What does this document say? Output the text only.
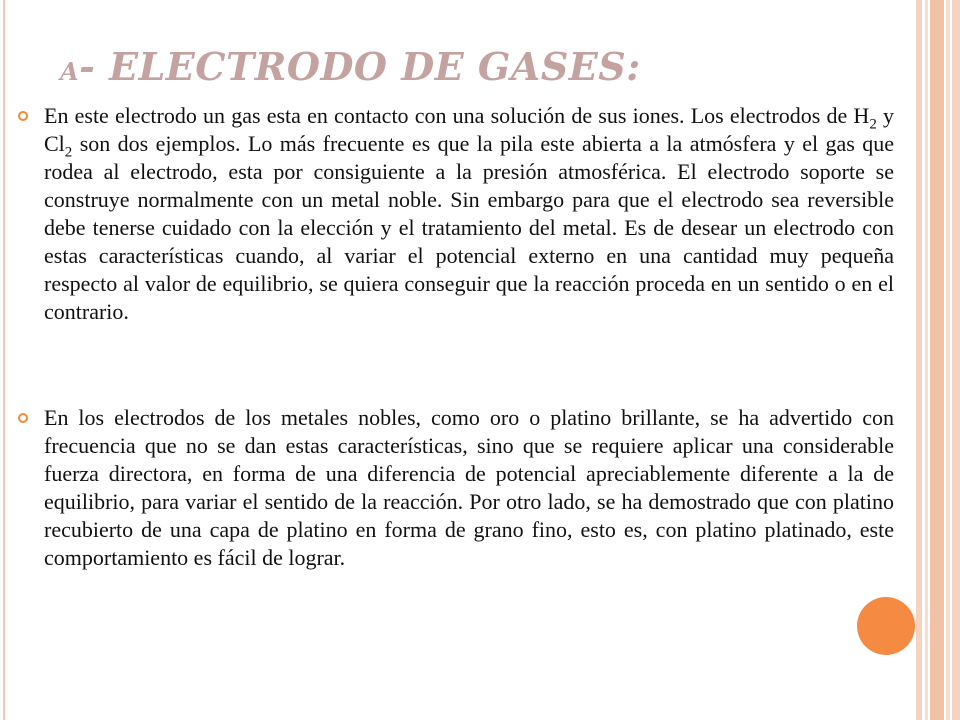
A- ELECTRODO DE GASES:
En este electrodo un gas esta en contacto con una solución de sus iones. Los electrodos de $H_2$ y $Cl_2$ son dos ejemplos. Lo más frecuente es que la pila este abierta a la atmósfera y el gas que rodea al electrodo, esta por consiguiente a la presión atmosférica. El electrodo soporte se construye normalmente con un metal noble. Sin embargo para que el electrodo sea reversible debe tenerse cuidado con la elección y el tratamiento del metal. Es de desear un electrodo con estas características cuando, al variar el potencial externo en una cantidad muy pequeña respecto al valor de equilibrio, se quiera conseguir que la reacción proceda en un sentido o en el contrario.
En los electrodos de los metales nobles, como oro o platino brillante, se ha advertido con frecuencia que no se dan estas características, sino que se requiere aplicar una considerable fuerza directora, en forma de una diferencia de potencial apreciablemente diferente a la de equilibrio, para variar el sentido de la reacción. Por otro lado, se ha demostrado que con platino recubierto de una capa de platino en forma de grano fino, esto es, con platino platinado, este comportamiento es fácil de lograr.
